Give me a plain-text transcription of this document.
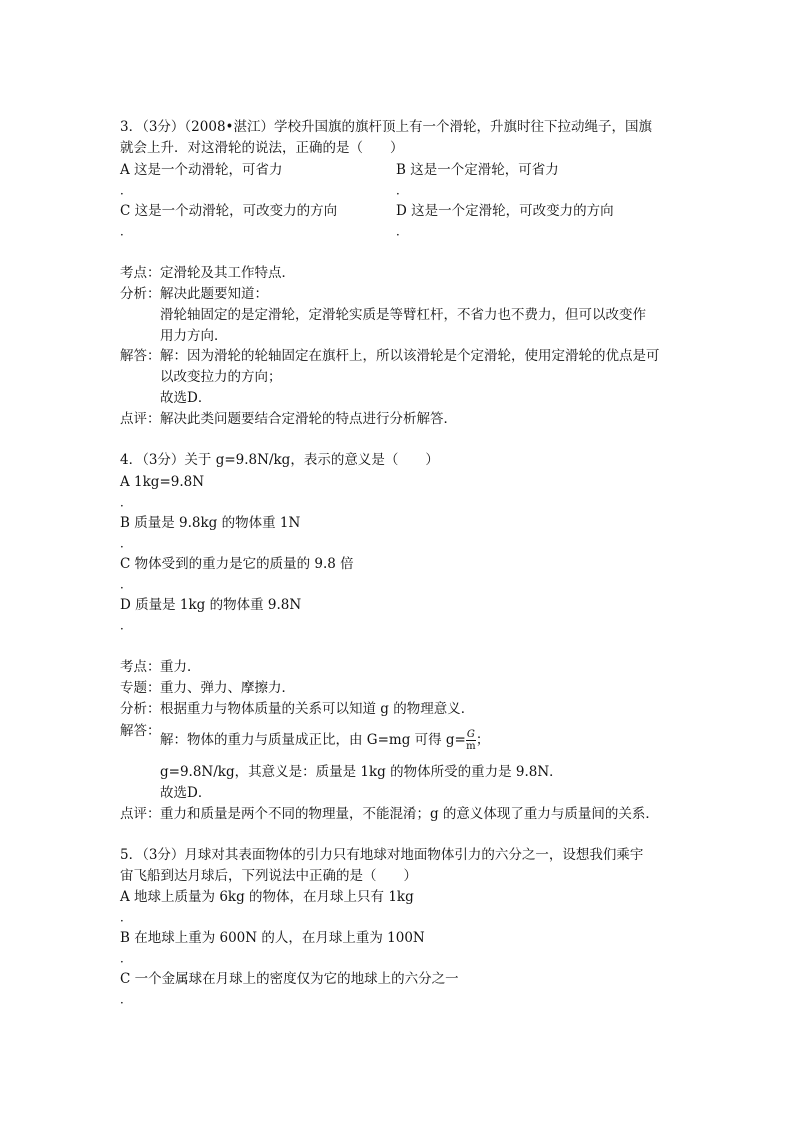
3．（3分）（2008•湛江）学校升国旗的旗杆顶上有一个滑轮，升旗时往下拉动绳子，国旗
就会上升．对这滑轮的说法，正确的是（　　）
A 这是一个动滑轮，可省力	B 这是一个定滑轮，可省力
．	．
C 这是一个动滑轮，可改变力的方向	D 这是一个定滑轮，可改变力的方向
．	．
考点： 定滑轮及其工作特点．
分析： 解决此题要知道：
滑轮轴固定的是定滑轮，定滑轮实质是等臂杠杆，不省力也不费力，但可以改变作
用力方向．
解答： 解：因为滑轮的轮轴固定在旗杆上，所以该滑轮是个定滑轮，使用定滑轮的优点是可
以改变拉力的方向；
故选D．
点评： 解决此类问题要结合定滑轮的特点进行分析解答．
4．（3分）关于 g=9.8N/kg，表示的意义是（　　）
A 1kg=9.8N
．
B 质量是 9.8kg 的物体重 1N
．
C 物体受到的重力是它的质量的 9.8 倍
．
D 质量是 1kg 的物体重 9.8N
．
考点： 重力．
专题： 重力、弹力、摩擦力．
分析： 根据重力与物体质量的关系可以知道 g 的物理意义．
解答：
解：物体的重力与质量成正比，由 G=mg 可得 $g= \frac{G}{m}$ ；
g=9.8N/kg，其意义是：质量是 1kg 的物体所受的重力是 9.8N．
故选D．
点评： 重力和质量是两个不同的物理量，不能混淆；g 的意义体现了重力与质量间的关系．
5．（3分）月球对其表面物体的引力只有地球对地面物体引力的六分之一，设想我们乘宇
宙飞船到达月球后，下列说法中正确的是（　　）
A 地球上质量为 6kg 的物体，在月球上只有 1kg
．
B 在地球上重为 600N 的人，在月球上重为 100N
．
C 一个金属球在月球上的密度仅为它的地球上的六分之一
．
